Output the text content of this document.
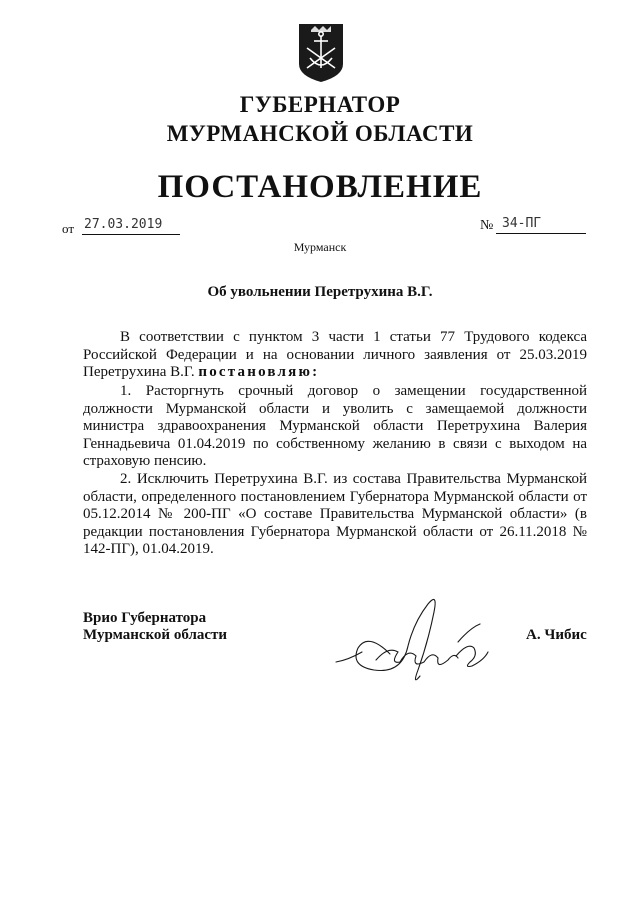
ГУБЕРНАТОР
МУРМАНСКОЙ ОБЛАСТИ
ПОСТАНОВЛЕНИЕ
от 27.03.2019	№ 34-ПГ
Мурманск
Об увольнении Перетрухина В.Г.
В соответствии с пунктом 3 части 1 статьи 77 Трудового кодекса Российской Федерации и на основании личного заявления от 25.03.2019 Перетрухина В.Г. постановляю:
1. Расторгнуть срочный договор о замещении государственной должности Мурманской области и уволить с замещаемой должности министра здравоохранения Мурманской области Перетрухина Валерия Геннадьевича 01.04.2019 по собственному желанию в связи с выходом на страховую пенсию.
2. Исключить Перетрухина В.Г. из состава Правительства Мурманской области, определенного постановлением Губернатора Мурманской области от 05.12.2014 № 200-ПГ «О составе Правительства Мурманской области» (в редакции постановления Губернатора Мурманской области от 26.11.2018 № 142-ПГ), 01.04.2019.
Врио Губернатора
Мурманской области	А. Чибис
